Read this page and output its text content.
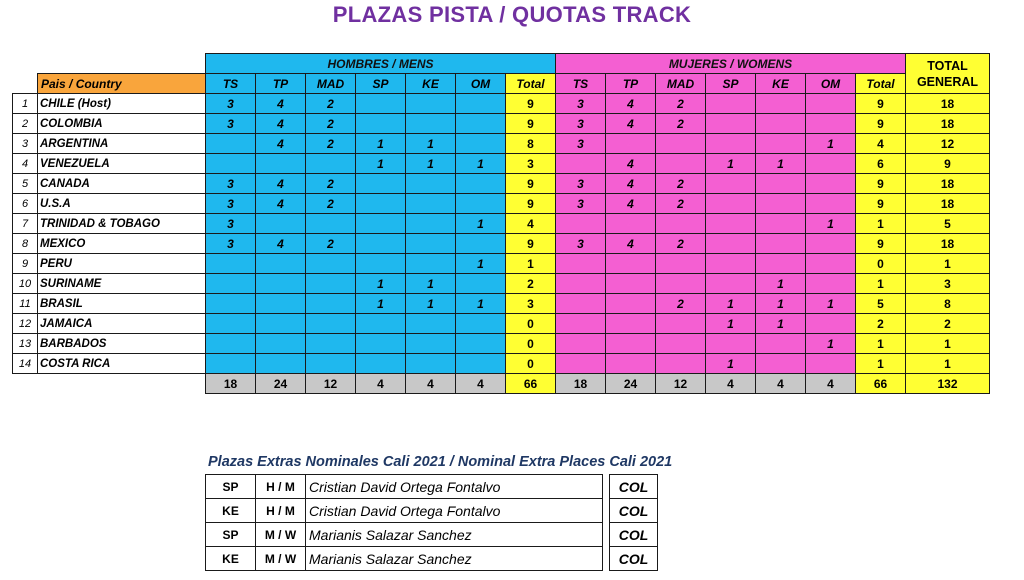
PLAZAS PISTA / QUOTAS TRACK
		HOMBRES / MENS							MUJERES / WOMENS							TOTAL
GENERAL
	Pais / Country	TS	TP	MAD	SP	KE	OM	Total	TS	TP	MAD	SP	KE	OM	Total	
1	CHILE (Host)	3	4	2				9	3	4	2				9	18
2	COLOMBIA	3	4	2				9	3	4	2				9	18
3	ARGENTINA		4	2	1	1		8	3					1	4	12
4	VENEZUELA				1	1	1	3		4		1	1		6	9
5	CANADA	3	4	2				9	3	4	2				9	18
6	U.S.A	3	4	2				9	3	4	2				9	18
7	TRINIDAD & TOBAGO	3					1	4						1	1	5
8	MEXICO	3	4	2				9	3	4	2				9	18
9	PERU						1	1							0	1
10	SURINAME				1	1		2					1		1	3
11	BRASIL				1	1	1	3			2	1	1	1	5	8
12	JAMAICA							0				1	1		2	2
13	BARBADOS							0						1	1	1
14	COSTA RICA							0				1			1	1
		18	24	12	4	4	4	66	18	24	12	4	4	4	66	132
Plazas Extras Nominales Cali 2021 / Nominal Extra Places Cali 2021
SP	H / M	Cristian David Ortega Fontalvo		COL
KE	H / M	Cristian David Ortega Fontalvo		COL
SP	M / W	Marianis Salazar Sanchez		COL
KE	M / W	Marianis Salazar Sanchez		COL
